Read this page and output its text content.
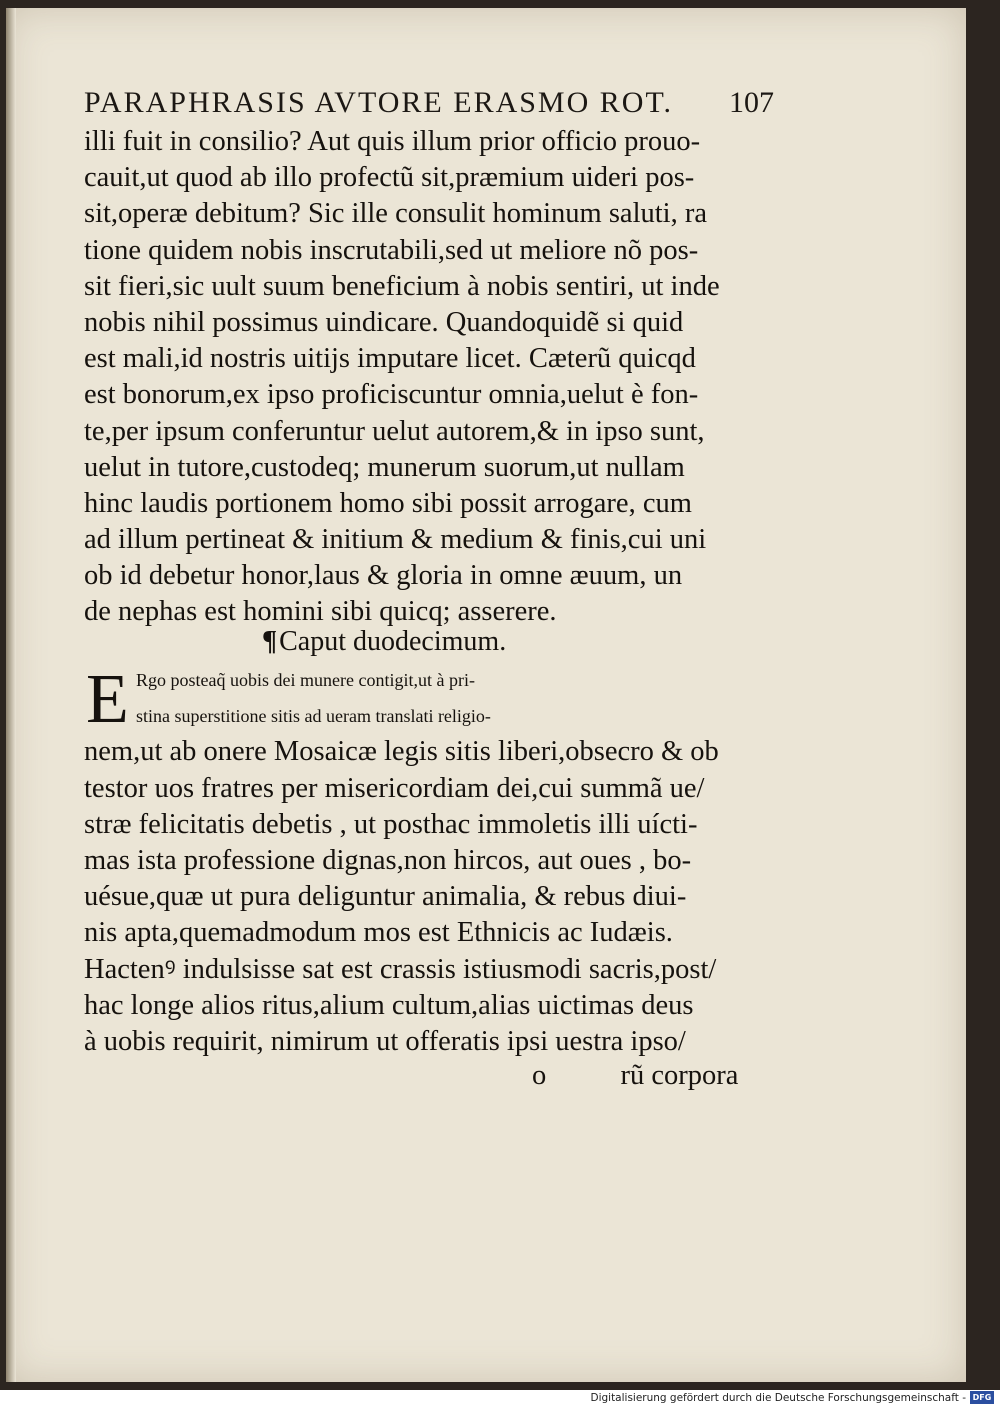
PARAPHRASIS AVTORE ERASMO ROT. 107
illi fuit in consilio? Aut quis illum prior officio prouo-
cauit,ut quod ab illo profectũ sit,præmium uideri pos-
sit,operæ debitum? Sic ille consulit hominum saluti, ra
tione quidem nobis inscrutabili,sed ut meliore nõ pos-
sit fieri,sic uult suum beneficium à nobis sentiri, ut inde
nobis nihil possimus uindicare. Quandoquidẽ si quid
est mali,id nostris uitijs imputare licet. Cæterũ quicqd
est bonorum,ex ipso proficiscuntur omnia,uelut è fon-
te,per ipsum conferuntur uelut autorem,& in ipso sunt,
uelut in tutore,custodeq; munerum suorum,ut nullam
hinc laudis portionem homo sibi possit arrogare, cum
ad illum pertineat & initium & medium & finis,cui uni
ob id debetur honor,laus & gloria in omne æuum, un
de nephas est homini sibi quicq; asserere.
¶Caput duodecimum.
E Rgo posteaq̃ uobis dei munere contigit,ut à pri-
stina superstitione sitis ad ueram translati religio-
nem,ut ab onere Mosaicæ legis sitis liberi,obsecro & ob
testor uos fratres per misericordiam dei,cui summã ue/
stræ felicitatis debetis , ut posthac immoletis illi uícti-
mas ista professione dignas,non hircos, aut oues , bo-
uésue,quæ ut pura deliguntur animalia, & rebus diui-
nis apta,quemadmodum mos est Ethnicis ac Iudæis.
Hactenꝰ indulsisse sat est crassis istiusmodi sacris,post/
hac longe alios ritus,alium cultum,alias uictimas deus
à uobis requirit, nimirum ut offeratis ipsi uestra ipso/
o	rũ corpora
Digitalisierung gefördert durch die Deutsche Forschungsgemeinschaft - DFG
